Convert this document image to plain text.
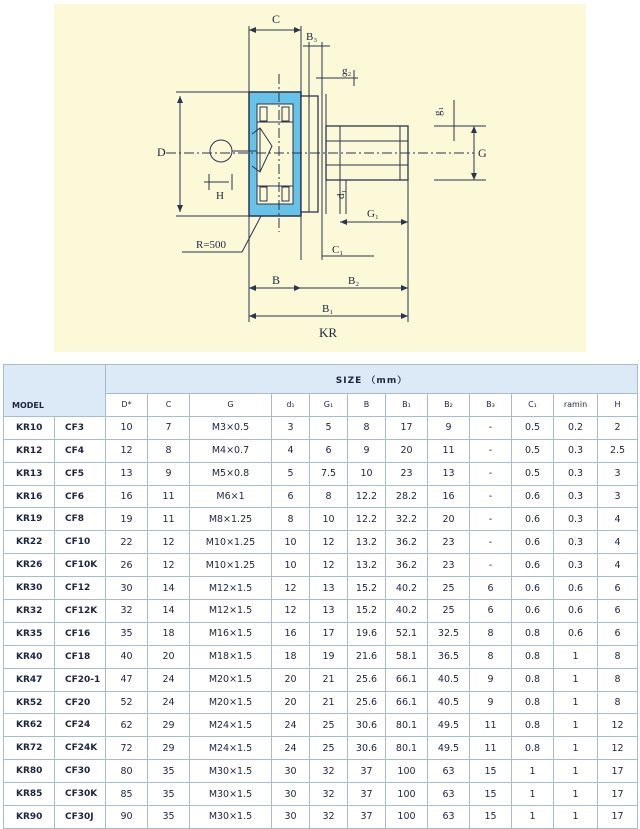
C
B₃
g₂
g₁
G
D
H	d₁
G₁
R=500	C₁
B	B₂
B₁
KR
MODEL		SIZE （mm）											
		D*	C	G	d₁	G₁	B	B₁	B₂	B₃	C₁	ramin	H
KR10	CF3	10	7	M3×0.5	3	5	8	17	9	-	0.5	0.2	2
KR12	CF4	12	8	M4×0.7	4	6	9	20	11	-	0.5	0.3	2.5
KR13	CF5	13	9	M5×0.8	5	7.5	10	23	13	-	0.5	0.3	3
KR16	CF6	16	11	M6×1	6	8	12.2	28.2	16	-	0.6	0.3	3
KR19	CF8	19	11	M8×1.25	8	10	12.2	32.2	20	-	0.6	0.3	4
KR22	CF10	22	12	M10×1.25	10	12	13.2	36.2	23	-	0.6	0.3	4
KR26	CF10K	26	12	M10×1.25	10	12	13.2	36.2	23	-	0.6	0.3	4
KR30	CF12	30	14	M12×1.5	12	13	15.2	40.2	25	6	0.6	0.6	6
KR32	CF12K	32	14	M12×1.5	12	13	15.2	40.2	25	6	0.6	0.6	6
KR35	CF16	35	18	M16×1.5	16	17	19.6	52.1	32.5	8	0.8	0.6	6
KR40	CF18	40	20	M18×1.5	18	19	21.6	58.1	36.5	8	0.8	1	8
KR47	CF20-1	47	24	M20×1.5	20	21	25.6	66.1	40.5	9	0.8	1	8
KR52	CF20	52	24	M20×1.5	20	21	25.6	66.1	40.5	9	0.8	1	8
KR62	CF24	62	29	M24×1.5	24	25	30.6	80.1	49.5	11	0.8	1	12
KR72	CF24K	72	29	M24×1.5	24	25	30.6	80.1	49.5	11	0.8	1	12
KR80	CF30	80	35	M30×1.5	30	32	37	100	63	15	1	1	17
KR85	CF30K	85	35	M30×1.5	30	32	37	100	63	15	1	1	17
KR90	CF30J	90	35	M30×1.5	30	32	37	100	63	15	1	1	17
